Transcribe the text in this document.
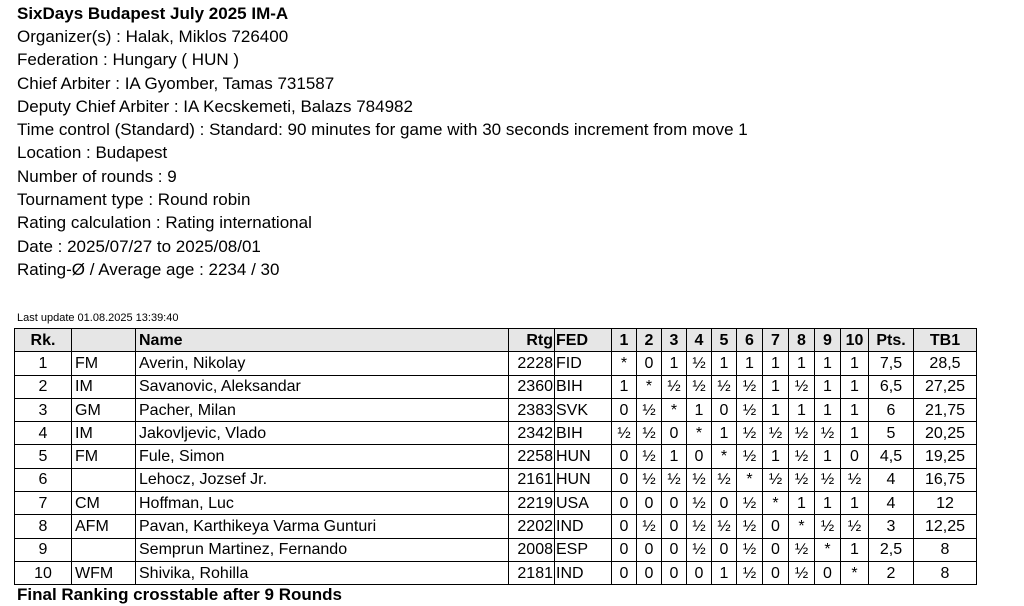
SixDays Budapest July 2025 IM-A

Organizer(s) : Halak, Miklos 726400

Federation : Hungary ( HUN )

Chief Arbiter : IA Gyomber, Tamas 731587

Deputy Chief Arbiter : IA Kecskemeti, Balazs 784982

Time control (Standard) : Standard: 90 minutes for game with 30 seconds increment from move 1

Location : Budapest

Number of rounds : 9

Tournament type : Round robin

Rating calculation : Rating international

Date : 2025/07/27 to 2025/08/01

Rating-Ø / Average age : 2234 / 30

Last update 01.08.2025 13:39:40
Rk.		Name	Rtg	FED	1	2	3	4	5	6	7	8	9	10	Pts.	TB1
1	FM	Averin, Nikolay	2228	FID	*	0	1	½	1	1	1	1	1	1	7,5	28,5
2	IM	Savanovic, Aleksandar	2360	BIH	1	*	½	½	½	½	1	½	1	1	6,5	27,25
3	GM	Pacher, Milan	2383	SVK	0	½	*	1	0	½	1	1	1	1	6	21,75
4	IM	Jakovljevic, Vlado	2342	BIH	½	½	0	*	1	½	½	½	½	1	5	20,25
5	FM	Fule, Simon	2258	HUN	0	½	1	0	*	½	1	½	1	0	4,5	19,25
6		Lehocz, Jozsef Jr.	2161	HUN	0	½	½	½	½	*	½	½	½	½	4	16,75
7	CM	Hoffman, Luc	2219	USA	0	0	0	½	0	½	*	1	1	1	4	12
8	AFM	Pavan, Karthikeya Varma Gunturi	2202	IND	0	½	0	½	½	½	0	*	½	½	3	12,25
9		Semprun Martinez, Fernando	2008	ESP	0	0	0	½	0	½	0	½	*	1	2,5	8
10	WFM	Shivika, Rohilla	2181	IND	0	0	0	0	1	½	0	½	0	*	2	8

Final Ranking crosstable after 9 Rounds
